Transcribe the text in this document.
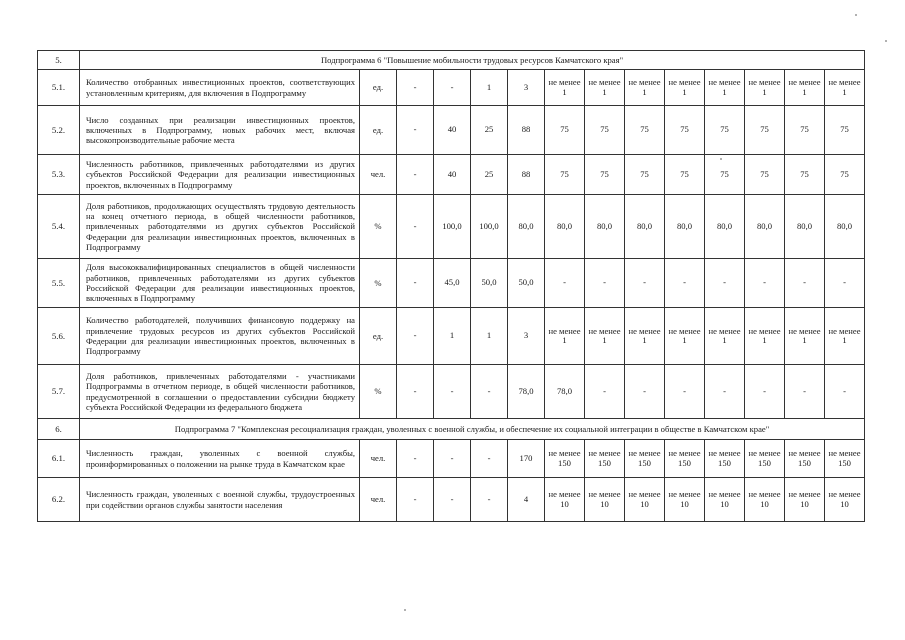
5.	Подпрограмма 6 "Повышение мобильности трудовых ресурсов Камчатского края"													
5.1.	Количество отобранных инвестиционных проектов, соответствующих установленным критериям, для включения в Подпрограмму	ед.	-	-	1	3	не менее 1	не менее 1	не менее 1	не менее 1	не менее 1	не менее 1	не менее 1	не менее 1
5.2.	Число созданных при реализации инвестиционных проектов, включенных в Подпрограмму, новых рабочих мест, включая высокопроизводительные рабочие места	ед.	-	40	25	88	75	75	75	75	75	75	75	75
5.3.	Численность работников, привлеченных работодателями из других субъектов Российской Федерации для реализации инвестиционных проектов, включенных в Подпрограмму	чел.	-	40	25	88	75	75	75	75	75	75	75	75
5.4.	Доля работников, продолжающих осуществлять трудовую деятельность на конец отчетного периода, в общей численности работников, привлеченных работодателями из других субъектов Российской Федерации для реализации инвестиционных проектов, включенных в Подпрограмму	%	-	100,0	100,0	80,0	80,0	80,0	80,0	80,0	80,0	80,0	80,0	80,0
5.5.	Доля высококвалифицированных специалистов в общей численности работников, привлеченных работодателями из других субъектов Российской Федерации для реализации инвестиционных проектов, включенных в Подпрограмму	%	-	45,0	50,0	50,0	-	-	-	-	-	-	-	-
5.6.	Количество работодателей, получивших финансовую поддержку на привлечение трудовых ресурсов из других субъектов Российской Федерации для реализации инвестиционных проектов, включенных в Подпрограмму	ед.	-	1	1	3	не менее 1	не менее 1	не менее 1	не менее 1	не менее 1	не менее 1	не менее 1	не менее 1
5.7.	Доля работников, привлеченных работодателями - участниками Подпрограммы в отчетном периоде, в общей численности работников, предусмотренной в соглашении о предоставлении субсидии бюджету субъекта Российской Федерации из федерального бюджета	%	-	-	-	78,0	78,0	-	-	-	-	-	-	-
6.	Подпрограмма 7 "Комплексная ресоциализация граждан, уволенных с военной службы, и обеспечение их социальной интеграции в обществе в Камчатском крае"													
6.1.	Численность граждан, уволенных с военной службы, проинформированных о положении на рынке труда в Камчатском крае	чел.	-	-	-	170	не менее 150	не менее 150	не менее 150	не менее 150	не менее 150	не менее 150	не менее 150	не менее 150
6.2.	Численность граждан, уволенных с военной службы, трудоустроенных при содействии органов службы занятости населения	чел.	-	-	-	4	не менее 10	не менее 10	не менее 10	не менее 10	не менее 10	не менее 10	не менее 10	не менее 10
